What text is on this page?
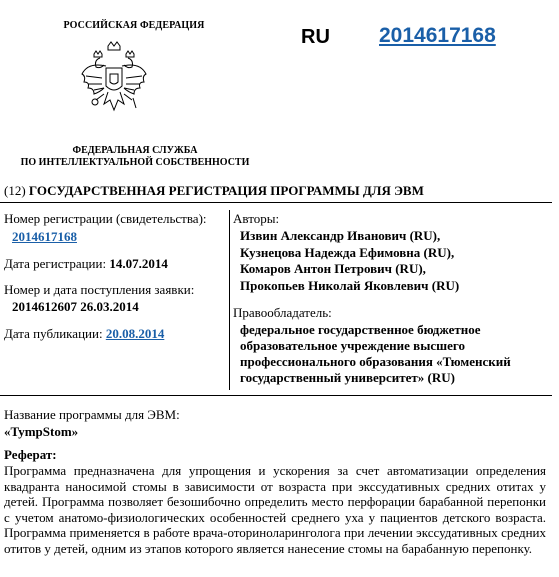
РОССИЙСКАЯ ФЕДЕРАЦИЯ
ФЕДЕРАЛЬНАЯ СЛУЖБА
ПО ИНТЕЛЛЕКТУАЛЬНОЙ СОБСТВЕННОСТИ
RU 2014617168
(12) ГОСУДАРСТВЕННАЯ РЕГИСТРАЦИЯ ПРОГРАММЫ ДЛЯ ЭВМ
Номер регистрации (свидетельства):
2014617168
Дата регистрации: 14.07.2014
Номер и дата поступления заявки:
2014612607 26.03.2014
Дата публикации: 20.08.2014
Авторы:
Извин Александр Иванович (RU),
Кузнецова Надежда Ефимовна (RU),
Комаров Антон Петрович (RU),
Прокопьев Николай Яковлевич (RU)
Правообладатель:
федеральное государственное бюджетное
образовательное учреждение высшего
профессионального образования «Тюменский
государственный университет» (RU)
Название программы для ЭВМ:
«TympStom»
Реферат:
Программа предназначена для упрощения и ускорения за счет автоматизации определения квадранта наносимой стомы в зависимости от возраста при экссудативных средних отитах у детей. Программа позволяет безошибочно определить место перфорации барабанной перепонки с учетом анатомо-физиологических особенностей среднего уха у пациентов детского возраста. Программа применяется в работе врача-оториноларинголога при лечении экссудативных средних отитов у детей, одним из этапов которого является нанесение стомы на барабанную перепонку.
